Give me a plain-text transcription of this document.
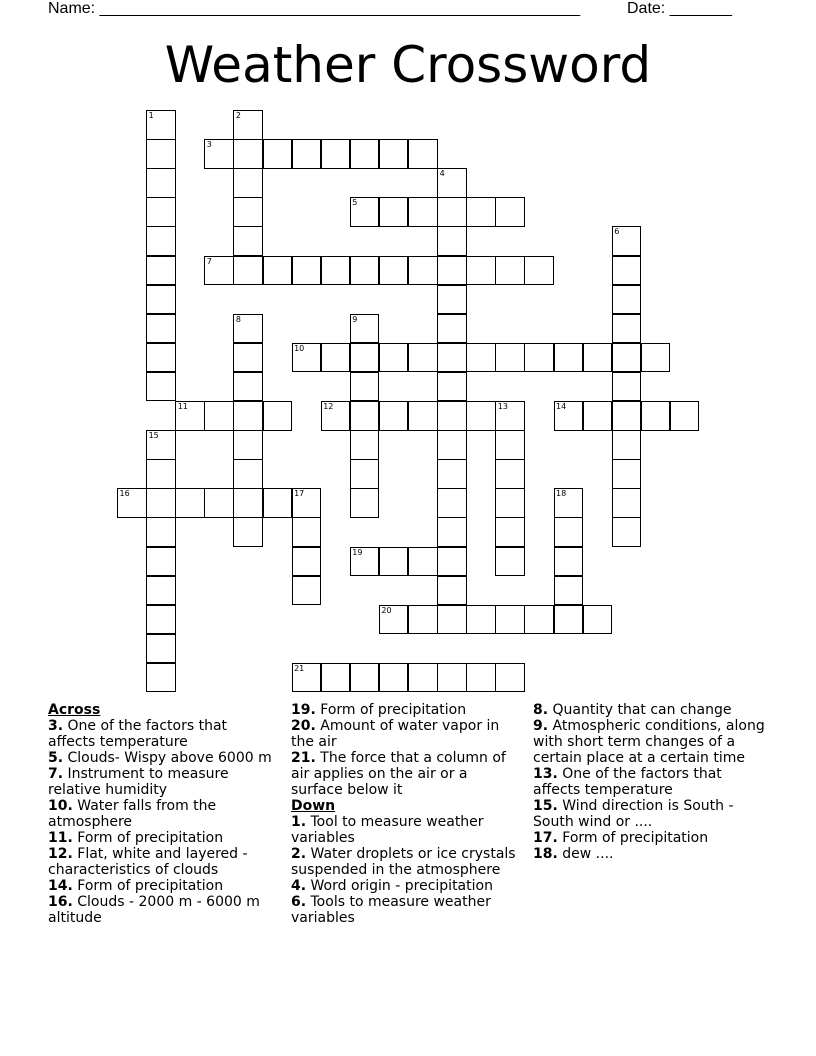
Name: ______________________________________________________	Date: _______
Weather Crossword
1	2
3
4
5
6
7
8	9
10
11	12	13	14
15
16	17	18
19
20
21

Across

3. One of the factors that affects temperature

5. Clouds- Wispy above 6000 m

7. Instrument to measure relative humidity

10. Water falls from the atmosphere

11. Form of precipitation

12. Flat, white and layered - characteristics of clouds

14. Form of precipitation

16. Clouds - 2000 m - 6000 m altitude

19. Form of precipitation

20. Amount of water vapor in the air

21. The force that a column of air applies on the air or a surface below it

Down

1. Tool to measure weather variables

2. Water droplets or ice crystals suspended in the atmosphere

4. Word origin - precipitation

6. Tools to measure weather variables

8. Quantity that can change

9. Atmospheric conditions, along with short term changes of a certain place at a certain time

13. One of the factors that affects temperature

15. Wind direction is South - South wind or ....

17. Form of precipitation

18. dew ....
